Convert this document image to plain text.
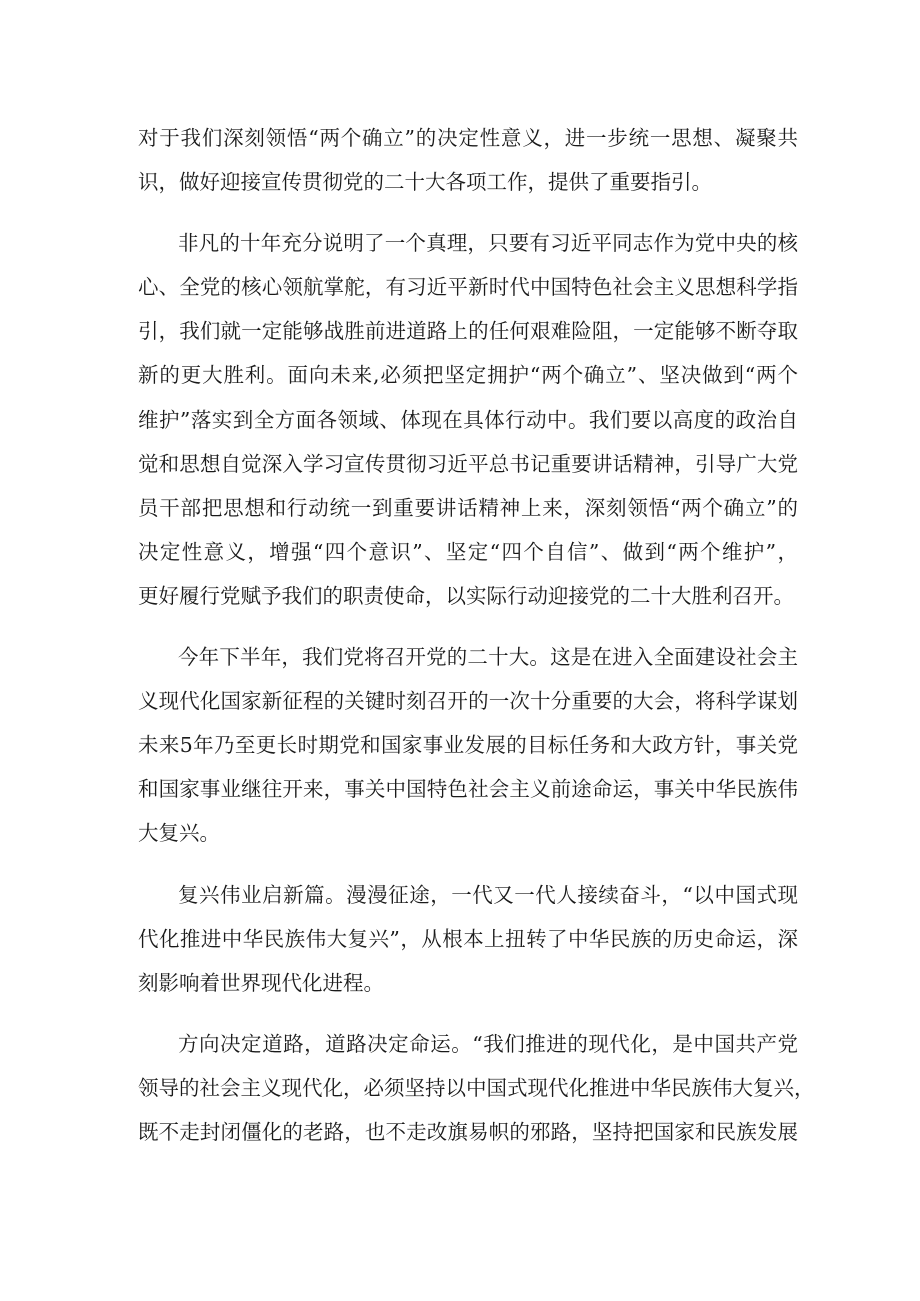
对于我们深刻领悟“两个确立”的决定性意义，进一步统一思想、凝聚共
识，做好迎接宣传贯彻党的二十大各项工作，提供了重要指引。
非凡的十年充分说明了一个真理，只要有习近平同志作为党中央的核
心、全党的核心领航掌舵，有习近平新时代中国特色社会主义思想科学指
引，我们就一定能够战胜前进道路上的任何艰难险阻，一定能够不断夺取
新的更大胜利。面向未来,必须把坚定拥护“两个确立”、坚决做到“两个
维护”落实到全方面各领域、体现在具体行动中。我们要以高度的政治自
觉和思想自觉深入学习宣传贯彻习近平总书记重要讲话精神，引导广大党
员干部把思想和行动统一到重要讲话精神上来，深刻领悟“两个确立”的
决定性意义，增强“四个意识”、坚定“四个自信”、做到“两个维护”，
更好履行党赋予我们的职责使命，以实际行动迎接党的二十大胜利召开。
今年下半年，我们党将召开党的二十大。这是在进入全面建设社会主
义现代化国家新征程的关键时刻召开的一次十分重要的大会，将科学谋划
未来5年乃至更长时期党和国家事业发展的目标任务和大政方针，事关党
和国家事业继往开来，事关中国特色社会主义前途命运，事关中华民族伟
大复兴。
复兴伟业启新篇。漫漫征途，一代又一代人接续奋斗，“以中国式现
代化推进中华民族伟大复兴”，从根本上扭转了中华民族的历史命运，深
刻影响着世界现代化进程。
方向决定道路，道路决定命运。“我们推进的现代化，是中国共产党
领导的社会主义现代化，必须坚持以中国式现代化推进中华民族伟大复兴，
既不走封闭僵化的老路，也不走改旗易帜的邪路，坚持把国家和民族发展
